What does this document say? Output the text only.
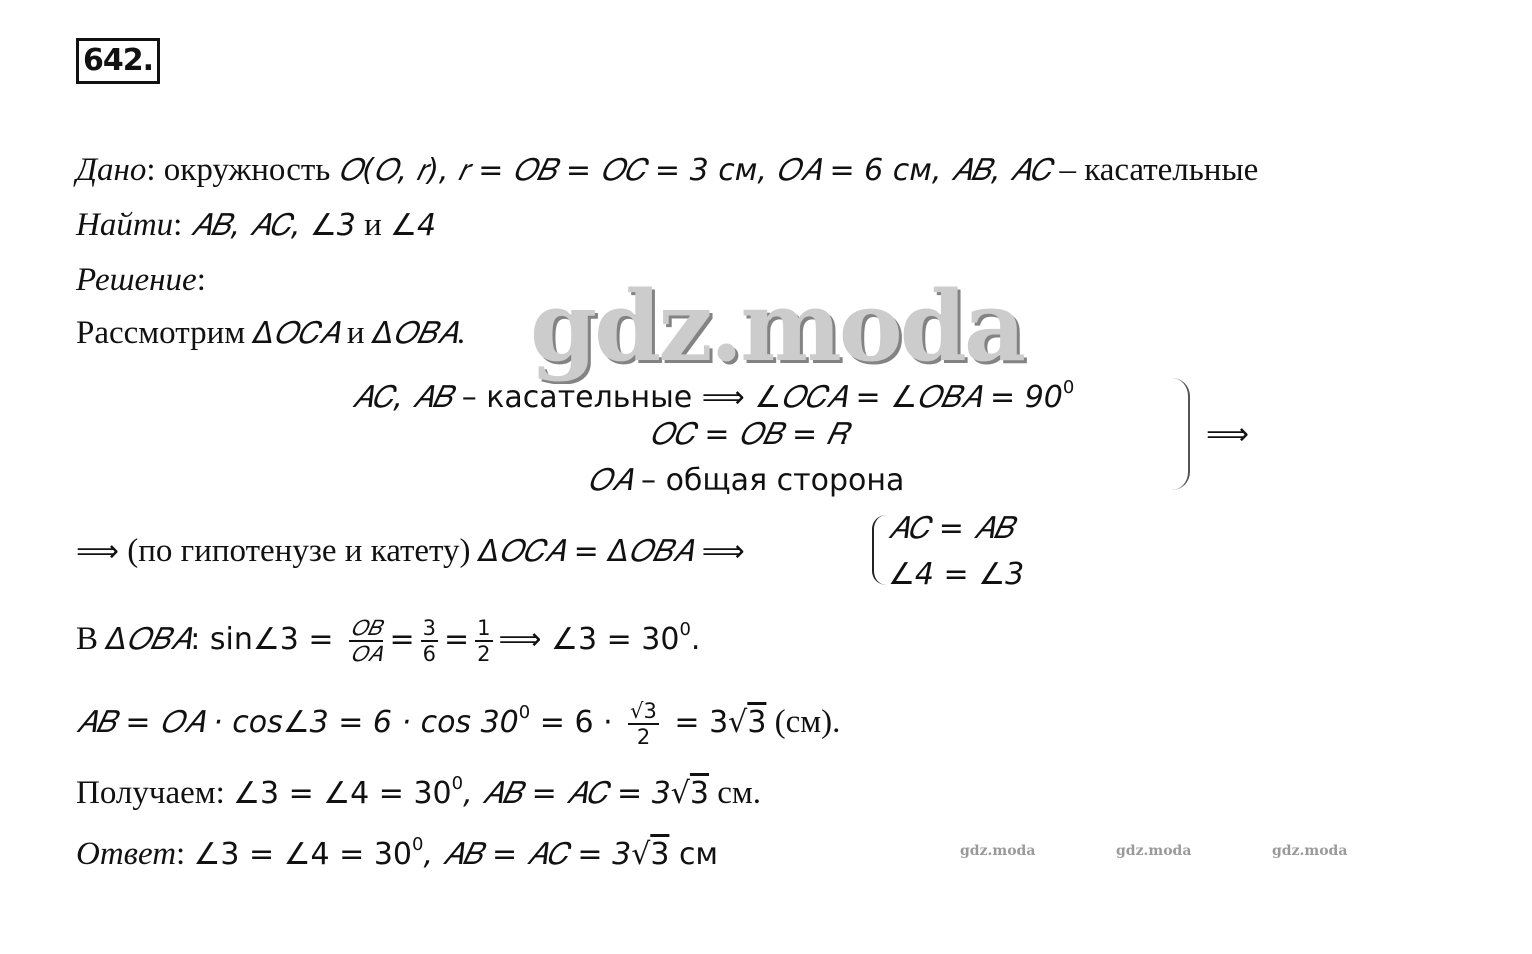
642.
Дано: окружность 𝑂(𝑂, 𝑟), 𝑟 = 𝑂𝐵 = 𝑂𝐶 = 3 см, 𝑂𝐴 = 6 см, 𝐴𝐵, 𝐴𝐶 – касательные
Найти: 𝐴𝐵, 𝐴𝐶, ∠3 и ∠4
Решение:
Рассмотрим Δ𝑂𝐶𝐴 и Δ𝑂𝐵𝐴. gdz.moda
𝐴𝐶, 𝐴𝐵 – касательные ⟹ ∠𝑂𝐶𝐴 = ∠𝑂𝐵𝐴 = $90^0$
𝑂𝐶 = 𝑂𝐵 = 𝑅
𝑂𝐴 – общая сторона
⟹
⟹ (по гипотенузе и катету) Δ𝑂𝐶𝐴 = Δ𝑂𝐵𝐴 ⟹
𝐴𝐶 = 𝐴𝐵
∠4 = ∠3
В Δ𝑂𝐵𝐴: sin∠3 = $\frac{\text{𝑂𝐵}}{\text{𝑂𝐴}} = \frac{3}{6} = \frac{1}{2}$ ⟹ ∠3 = $30^0$.
𝐴𝐵 = 𝑂𝐴 · cos∠3 = $6 \cdot \cos 30^0 = 6 \cdot \frac{√3}{2} = 3√3$ (см).
Получаем: ∠3 = ∠4 = $30^0$, 𝐴𝐵 = 𝐴𝐶 = 3√3 см.
Ответ: ∠3 = ∠4 = $30^0$, 𝐴𝐵 = 𝐴𝐶 = 3√3 см	gdz.moda	gdz.moda	gdz.moda
